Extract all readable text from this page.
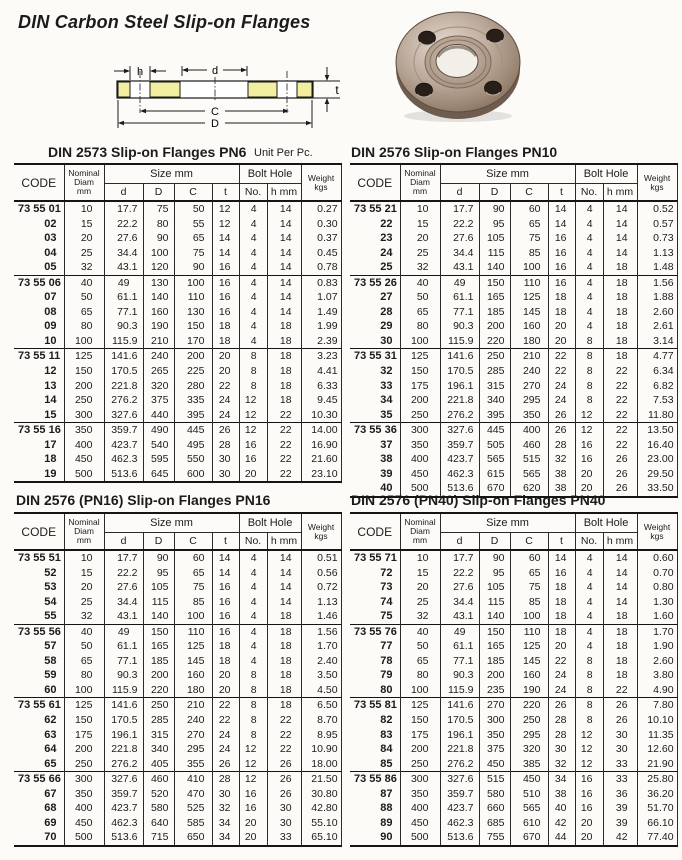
DIN Carbon Steel Slip-on Flanges
h	d
t
C
D
DIN 2573 Slip-on Flanges PN6 Unit Per Pc.	DIN 2576 Slip-on Flanges PN10
DIN 2576 (PN16) Slip-on Flanges PN16	DIN 2576 (PN40) Slip-on Flanges PN40
CODE	Nominal
Diam
mm	Size mm				Bolt Hole		Weight
kgs
		d	D	C	t	No.	h mm	
73 55 01	10	17.7	75	50	12	4	14	0.27
02	15	22.2	80	55	12	4	14	0.30
03	20	27.6	90	65	14	4	14	0.37
04	25	34.4	100	75	14	4	14	0.45
05	32	43.1	120	90	16	4	14	0.78
73 55 06	40	49	130	100	16	4	14	0.83
07	50	61.1	140	110	16	4	14	1.07
08	65	77.1	160	130	16	4	14	1.49
09	80	90.3	190	150	18	4	18	1.99
10	100	115.9	210	170	18	4	18	2.39
73 55 11	125	141.6	240	200	20	8	18	3.23
12	150	170.5	265	225	20	8	18	4.41
13	200	221.8	320	280	22	8	18	6.33
14	250	276.2	375	335	24	12	18	9.45
15	300	327.6	440	395	24	12	22	10.30
73 55 16	350	359.7	490	445	26	12	22	14.00
17	400	423.7	540	495	28	16	22	16.90
18	450	462.3	595	550	30	16	22	21.60
19	500	513.6	645	600	30	20	22	23.10
CODE	Nominal
Diam
mm	Size mm				Bolt Hole		Weight
kgs
		d	D	C	t	No.	h mm	
73 55 21	10	17.7	90	60	14	4	14	0.52
22	15	22.2	95	65	14	4	14	0.57
23	20	27.6	105	75	16	4	14	0.73
24	25	34.4	115	85	16	4	14	1.13
25	32	43.1	140	100	16	4	18	1.48
73 55 26	40	49	150	110	16	4	18	1.56
27	50	61.1	165	125	18	4	18	1.88
28	65	77.1	185	145	18	4	18	2.60
29	80	90.3	200	160	20	4	18	2.61
30	100	115.9	220	180	20	8	18	3.14
73 55 31	125	141.6	250	210	22	8	18	4.77
32	150	170.5	285	240	22	8	22	6.34
33	175	196.1	315	270	24	8	22	6.82
34	200	221.8	340	295	24	8	22	7.53
35	250	276.2	395	350	26	12	22	11.80
73 55 36	300	327.6	445	400	26	12	22	13.50
37	350	359.7	505	460	28	16	22	16.40
38	400	423.7	565	515	32	16	26	23.00
39	450	462.3	615	565	38	20	26	29.50
40	500	513.6	670	620	38	20	26	33.50
CODE	Nominal
Diam
mm	Size mm				Bolt Hole		Weight
kgs
		d	D	C	t	No.	h mm	
73 55 51	10	17.7	90	60	14	4	14	0.51
52	15	22.2	95	65	14	4	14	0.56
53	20	27.6	105	75	16	4	14	0.72
54	25	34.4	115	85	16	4	14	1.13
55	32	43.1	140	100	16	4	18	1.46
73 55 56	40	49	150	110	16	4	18	1.56
57	50	61.1	165	125	18	4	18	1.70
58	65	77.1	185	145	18	4	18	2.40
59	80	90.3	200	160	20	8	18	3.50
60	100	115.9	220	180	20	8	18	4.50
73 55 61	125	141.6	250	210	22	8	18	6.50
62	150	170.5	285	240	22	8	22	8.70
63	175	196.1	315	270	24	8	22	8.95
64	200	221.8	340	295	24	12	22	10.90
65	250	276.2	405	355	26	12	26	18.00
73 55 66	300	327.6	460	410	28	12	26	21.50
67	350	359.7	520	470	30	16	26	30.80
68	400	423.7	580	525	32	16	30	42.80
69	450	462.3	640	585	34	20	30	55.10
70	500	513.6	715	650	34	20	33	65.10
CODE	Nominal
Diam
mm	Size mm				Bolt Hole		Weight
kgs
		d	D	C	t	No.	h mm	
73 55 71	10	17.7	90	60	14	4	14	0.60
72	15	22.2	95	65	16	4	14	0.70
73	20	27.6	105	75	18	4	14	0.80
74	25	34.4	115	85	18	4	14	1.30
75	32	43.1	140	100	18	4	18	1.60
73 55 76	40	49	150	110	18	4	18	1.70
77	50	61.1	165	125	20	4	18	1.90
78	65	77.1	185	145	22	8	18	2.60
79	80	90.3	200	160	24	8	18	3.80
80	100	115.9	235	190	24	8	22	4.90
73 55 81	125	141.6	270	220	26	8	26	7.80
82	150	170.5	300	250	28	8	26	10.10
83	175	196.1	350	295	28	12	30	11.35
84	200	221.8	375	320	30	12	30	12.60
85	250	276.2	450	385	32	12	33	21.90
73 55 86	300	327.6	515	450	34	16	33	25.80
87	350	359.7	580	510	38	16	36	36.20
88	400	423.7	660	565	40	16	39	51.70
89	450	462.3	685	610	42	20	39	66.10
90	500	513.6	755	670	44	20	42	77.40
